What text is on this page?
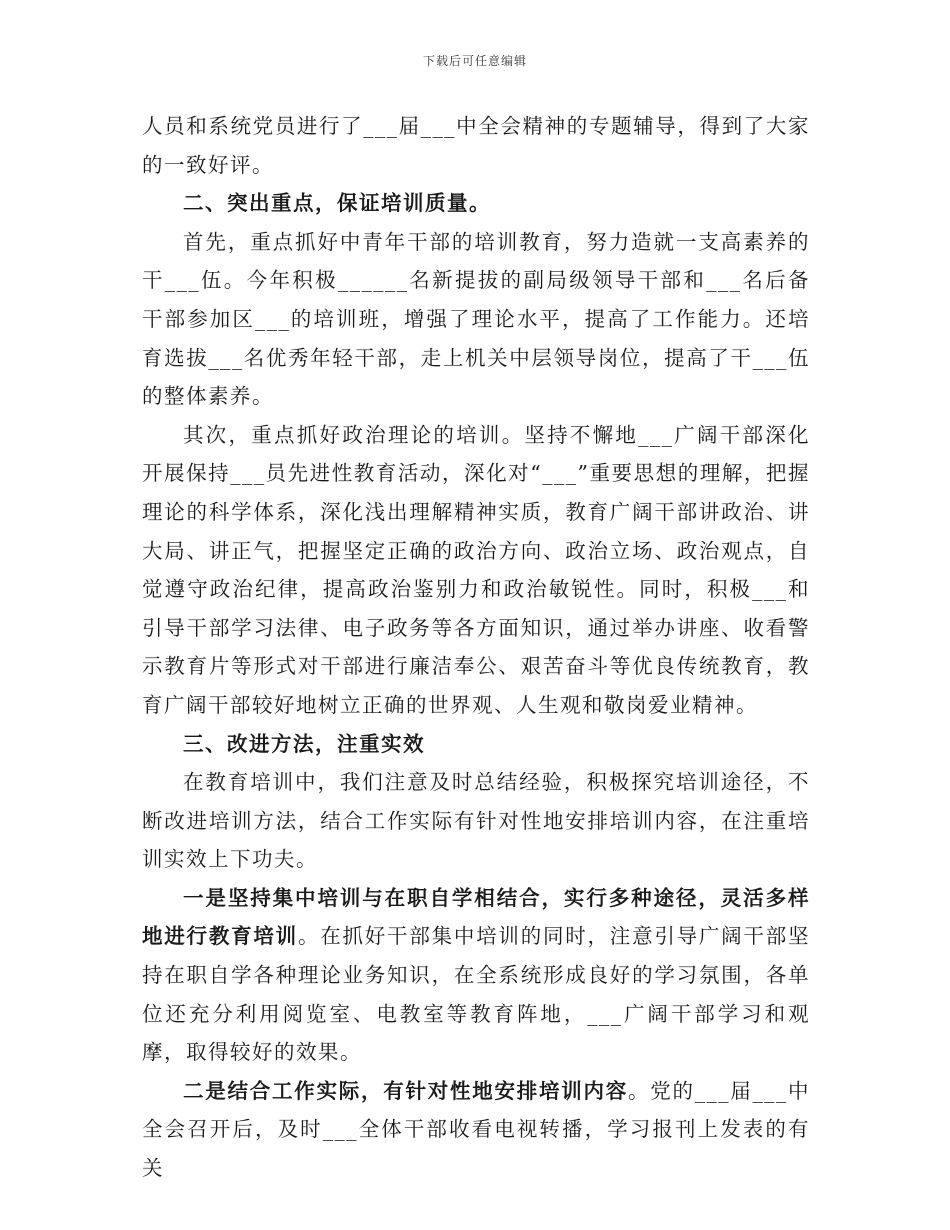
下载后可任意编辑

人员和系统党员进行了___届___中全会精神的专题辅导，得到了大家的一致好评。

二、突出重点，保证培训质量。

首先，重点抓好中青年干部的培训教育，努力造就一支高素养的干___伍。今年积极______名新提拔的副局级领导干部和___名后备干部参加区___的培训班，增强了理论水平，提高了工作能力。还培育选拔___名优秀年轻干部，走上机关中层领导岗位，提高了干___伍的整体素养。

其次，重点抓好政治理论的培训。坚持不懈地___广阔干部深化开展保持___员先进性教育活动，深化对“___”重要思想的理解，把握理论的科学体系，深化浅出理解精神实质，教育广阔干部讲政治、讲大局、讲正气，把握坚定正确的政治方向、政治立场、政治观点，自觉遵守政治纪律，提高政治鉴别力和政治敏锐性。同时，积极___和引导干部学习法律、电子政务等各方面知识，通过举办讲座、收看警示教育片等形式对干部进行廉洁奉公、艰苦奋斗等优良传统教育，教育广阔干部较好地树立正确的世界观、人生观和敬岗爱业精神。

三、改进方法，注重实效

在教育培训中，我们注意及时总结经验，积极探究培训途径，不断改进培训方法，结合工作实际有针对性地安排培训内容，在注重培训实效上下功夫。

一是坚持集中培训与在职自学相结合，实行多种途径，灵活多样地进行教育培训。在抓好干部集中培训的同时，注意引导广阔干部坚持在职自学各种理论业务知识，在全系统形成良好的学习氛围，各单位还充分利用阅览室、电教室等教育阵地，___广阔干部学习和观摩，取得较好的效果。

二是结合工作实际，有针对性地安排培训内容。党的___届___中全会召开后，及时___全体干部收看电视转播，学习报刊上发表的有关
